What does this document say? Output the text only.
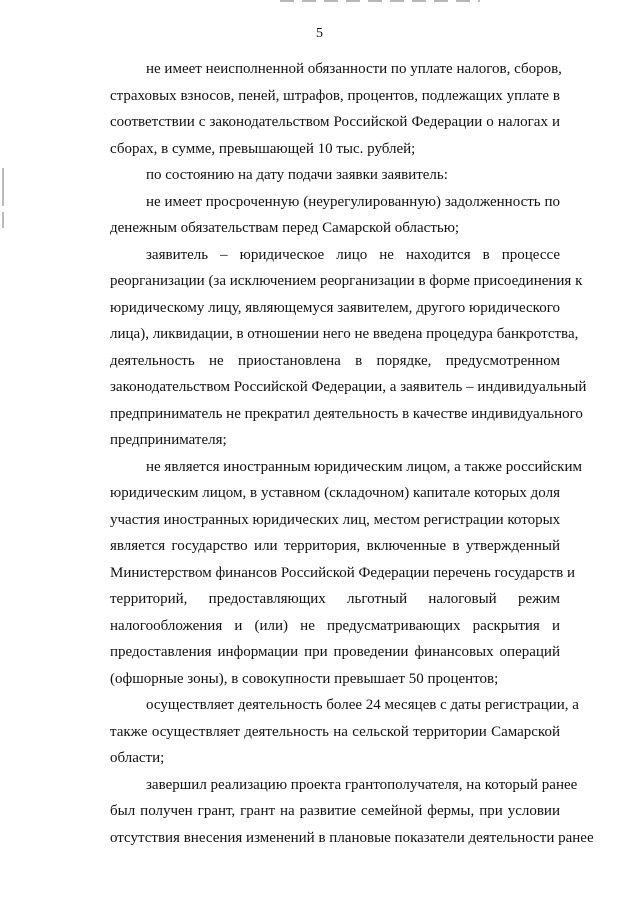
5
не имеет неисполненной обязанности по уплате налогов, сборов,
страховых взносов, пеней, штрафов, процентов, подлежащих уплате в
соответствии с законодательством Российской Федерации о налогах и
сборах, в сумме, превышающей 10 тыс. рублей;
по состоянию на дату подачи заявки заявитель:
не имеет просроченную (неурегулированную) задолженность по
денежным обязательствам перед Самарской областью;
заявитель – юридическое лицо не находится в процессе
реорганизации (за исключением реорганизации в форме присоединения к
юридическому лицу, являющемуся заявителем, другого юридического
лица), ликвидации, в отношении него не введена процедура банкротства,
деятельность не приостановлена в порядке, предусмотренном
законодательством Российской Федерации, а заявитель – индивидуальный
предприниматель не прекратил деятельность в качестве индивидуального
предпринимателя;
не является иностранным юридическим лицом, а также российским
юридическим лицом, в уставном (складочном) капитале которых доля
участия иностранных юридических лиц, местом регистрации которых
является государство или территория, включенные в утвержденный
Министерством финансов Российской Федерации перечень государств и
территорий, предоставляющих льготный налоговый режим
налогообложения и (или) не предусматривающих раскрытия и
предоставления информации при проведении финансовых операций
(офшорные зоны), в совокупности превышает 50 процентов;
осуществляет деятельность более 24 месяцев с даты регистрации, а
также осуществляет деятельность на сельской территории Самарской
области;
завершил реализацию проекта грантополучателя, на который ранее
был получен грант, грант на развитие семейной фермы, при условии
отсутствия внесения изменений в плановые показатели деятельности ранее
